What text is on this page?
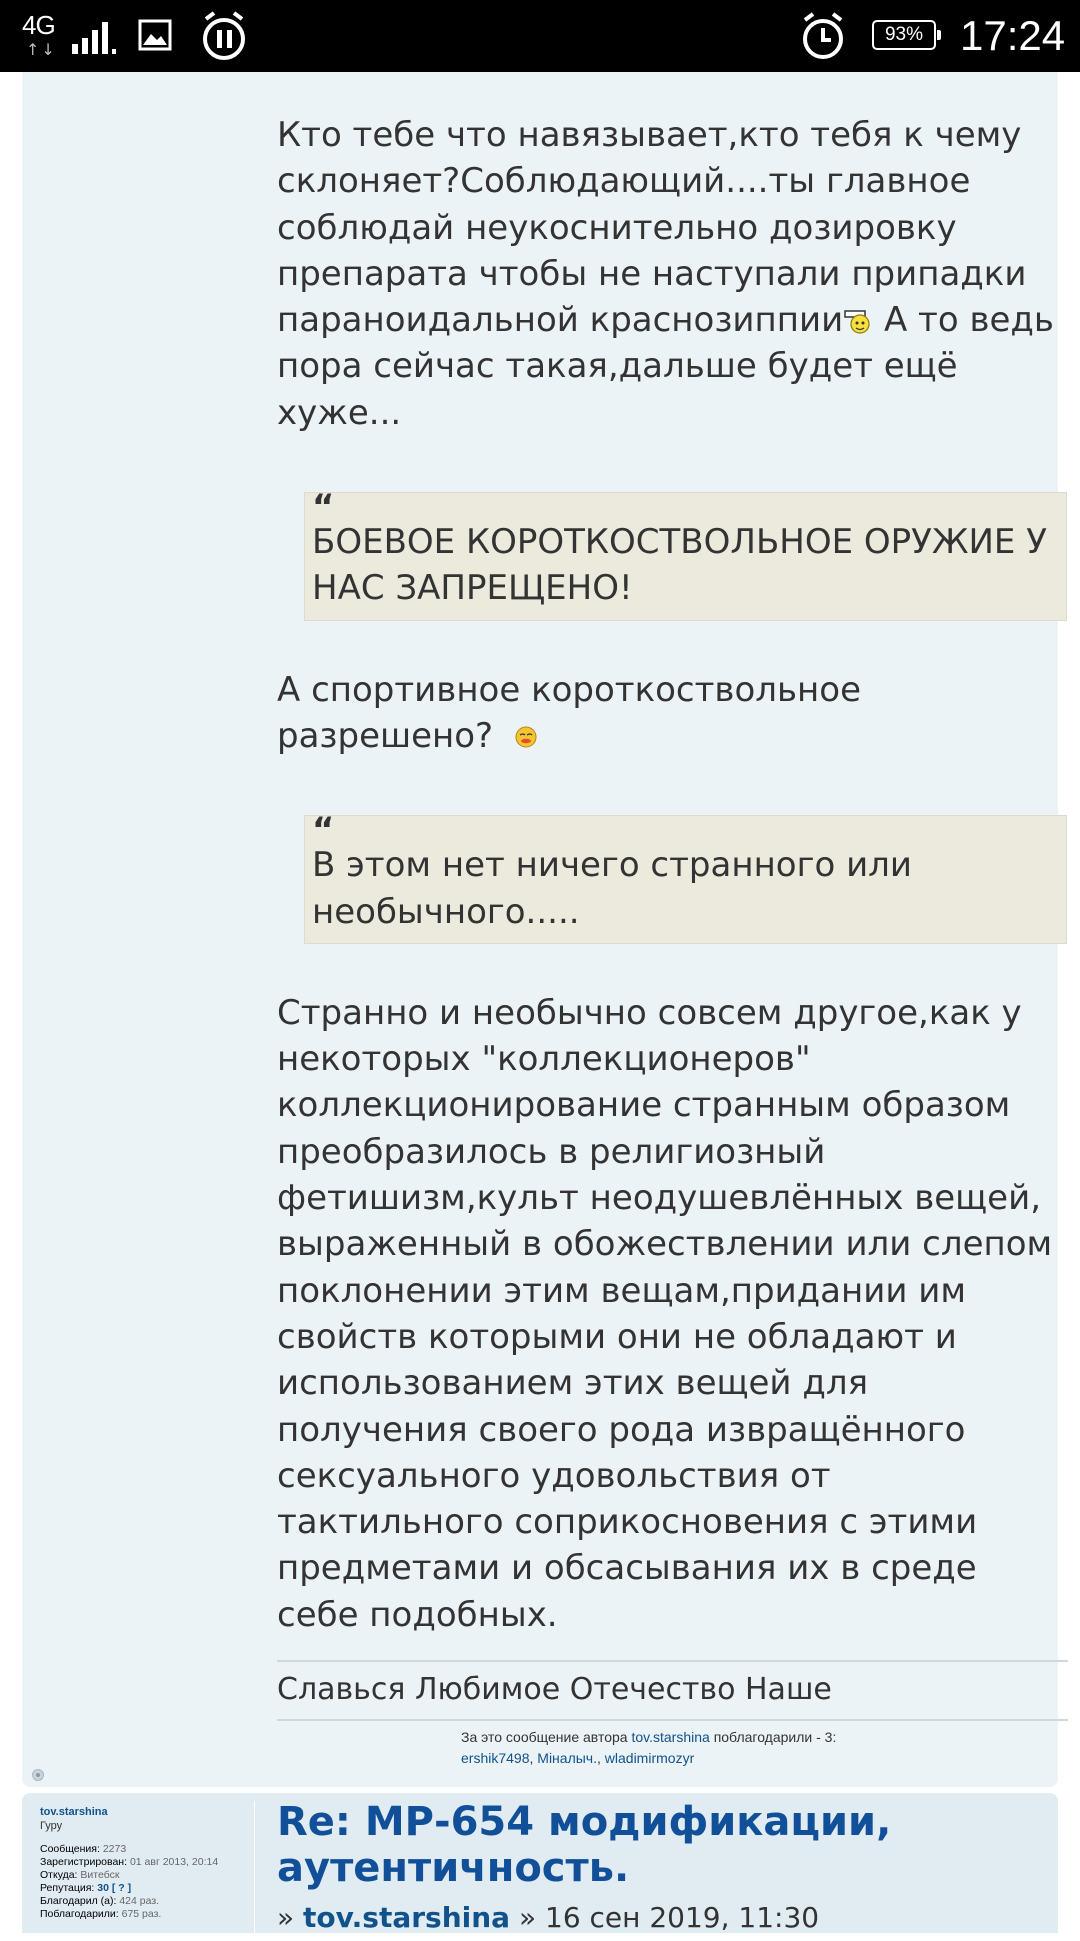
4G
↑↓
93% 17:24

Кто тебе что навязывает,кто тебя к чему склоняет?Соблюдающий....ты главное соблюдай неукоснительно дозировку препарата чтобы не наступали припадки параноидальной краснозиппии А то ведь пора сейчас такая,дальше будет ещё хуже...

“
БОЕВОЕ КОРОТКОСТВОЛЬНОЕ ОРУЖИЕ У НАС ЗАПРЕЩЕНО!

А спортивное короткоствольное разрешено?

“
В этом нет ничего странного или необычного.....

Странно и необычно совсем другое,как у некоторых "коллекционеров" коллекционирование странным образом преобразилось в религиозный фетишизм,культ неодушевлённых вещей, выраженный в обожествлении или слепом поклонении этим вещам,придании им свойств которыми они не обладают и использованием этих вещей для получения своего рода извращённого сексуального удовольствия от тактильного соприкосновения с этими предметами и обсасывания их в среде себе подобных.

Славься Любимое Отечество Наше
За это сообщение автора tov.starshina поблагодарили - 3:
ershik7498, Міналыч., wladimirmozyr
tov.starshina
Гуру
Сообщения: 2273
Зарегистрирован: 01 авг 2013, 20:14
Откуда: Витебск
Репутация: 30 [ ? ]
Благодарил (а): 424 раз.
Поблагодарили: 675 раз.
Re: МР-654 модификации, аутентичность.
» tov.starshina » 16 сен 2019, 11:30
